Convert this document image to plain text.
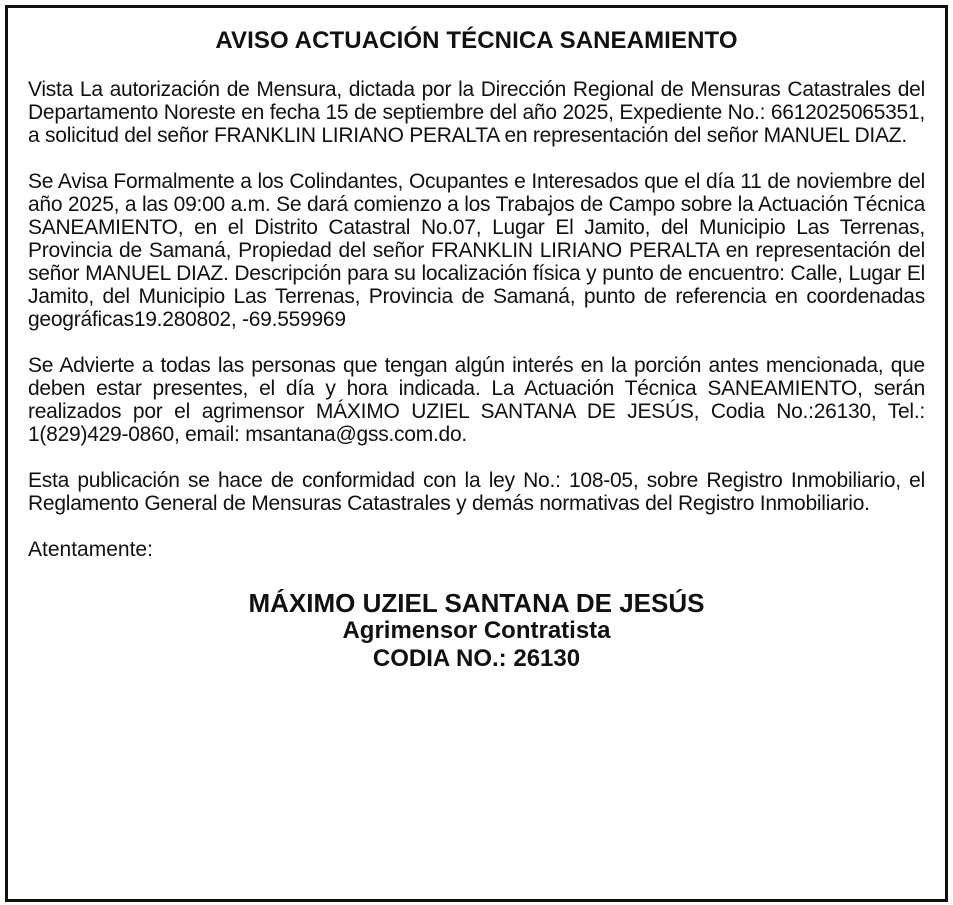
AVISO ACTUACIÓN TÉCNICA SANEAMIENTO

Vista La autorización de Mensura, dictada por la Dirección Regional de Mensuras Catastrales del Departamento Noreste en fecha 15 de septiembre del año 2025, Expediente No.: 6612025065351, a solicitud del señor FRANKLIN LIRIANO PERALTA en representación del señor MANUEL DIAZ.

Se Avisa Formalmente a los Colindantes, Ocupantes e Interesados que el día 11 de noviembre del año 2025, a las 09:00 a.m. Se dará comienzo a los Trabajos de Campo sobre la Actuación Técnica SANEAMIENTO, en el Distrito Catastral No.07, Lugar El Jamito, del Municipio Las Terrenas, Provincia de Samaná, Propiedad del señor FRANKLIN LIRIANO PERALTA en representación del señor MANUEL DIAZ. Descripción para su localización física y punto de encuentro: Calle, Lugar El Jamito, del Municipio Las Terrenas, Provincia de Samaná, punto de referencia en coordenadas geográficas19.280802, -69.559969

Se Advierte a todas las personas que tengan algún interés en la porción antes mencionada, que deben estar presentes, el día y hora indicada. La Actuación Técnica SANEAMIENTO, serán realizados por el agrimensor MÁXIMO UZIEL SANTANA DE JESÚS, Codia No.:26130, Tel.: 1(829)429-0860, email: msantana@gss.com.do.

Esta publicación se hace de conformidad con la ley No.: 108-05, sobre Registro Inmobiliario, el Reglamento General de Mensuras Catastrales y demás normativas del Registro Inmobiliario.

Atentamente:

MÁXIMO UZIEL SANTANA DE JESÚS

Agrimensor Contratista

CODIA NO.: 26130
